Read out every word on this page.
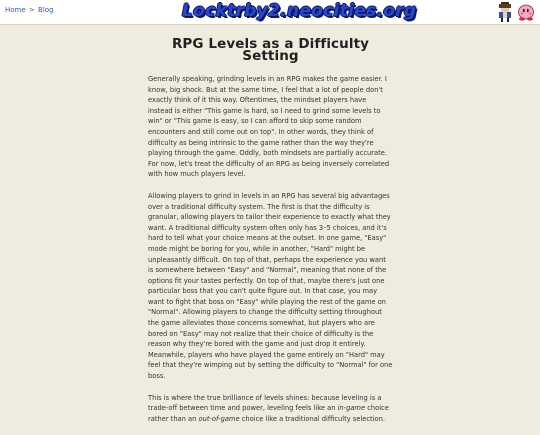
Home > Blog	Locktrby2.neocities.org
RPG Levels as a Difficulty Setting

Generally speaking, grinding levels in an RPG makes the game easier. I know, big shock. But at the same time, I feel that a lot of people don't exactly think of it this way. Oftentimes, the mindset players have instead is either "This game is hard, so I need to grind some levels to win" or "This game is easy, so I can afford to skip some random encounters and still come out on top". In other words, they think of difficulty as being intrinsic to the game rather than the way they're playing through the game. Oddly, both mindsets are partially accurate. For now, let's treat the difficulty of an RPG as being inversely correlated with how much players level.

Allowing players to grind in levels in an RPG has several big advantages over a traditional difficulty system. The first is that the difficulty is granular, allowing players to tailor their experience to exactly what they want. A traditional difficulty system often only has 3–5 choices, and it's hard to tell what your choice means at the outset. In one game, "Easy" mode might be boring for you, while in another, "Hard" might be unpleasantly difficult. On top of that, perhaps the experience you want is somewhere between "Easy" and "Normal", meaning that none of the options fit your tastes perfectly. On top of that, maybe there's just one particular boss that you can't quite figure out. In that case, you may want to fight that boss on "Easy" while playing the rest of the game on "Normal". Allowing players to change the difficulty setting throughout the game alleviates those concerns somewhat, but players who are bored on "Easy" may not realize that their choice of difficulty is the reason why they're bored with the game and just drop it entirely. Meanwhile, players who have played the game entirely on "Hard" may feel that they're wimping out by setting the difficulty to "Normal" for one boss.

This is where the true brilliance of levels shines: because leveling is a trade-off between time and power, leveling feels like an in-game choice rather than an out-of-game choice like a traditional difficulty selection.
